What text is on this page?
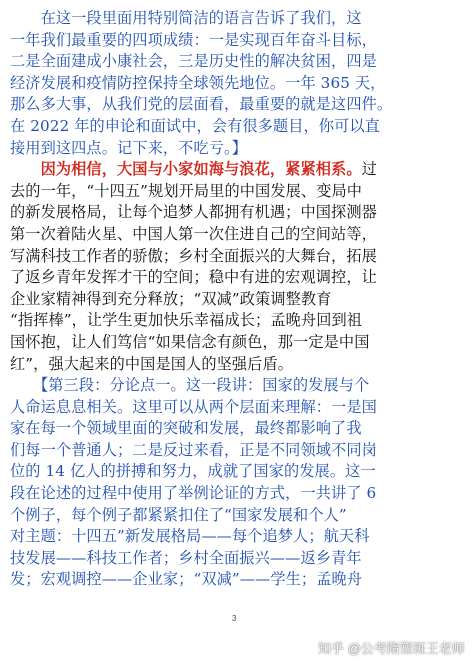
　　在这一段里面用特别简洁的语言告诉了我们，这
一年我们最重要的四项成绩：一是实现百年奋斗目标，
二是全面建成小康社会，三是历史性的解决贫困，四是
经济发展和疫情防控保持全球领先地位。一年 365 天，
那么多大事，从我们党的层面看，最重要的就是这四件。
在 2022 年的申论和面试中，会有很多题目，你可以直
接用到这四点。记下来，不吃亏。】
　　因为相信，大国与小家如海与浪花，紧紧相系。过
去的一年，“十四五”规划开局里的中国发展、变局中
的新发展格局，让每个追梦人都拥有机遇；中国探测器
第一次着陆火星、中国人第一次住进自己的空间站等，
写满科技工作者的骄傲；乡村全面振兴的大舞台，拓展
了返乡青年发挥才干的空间；稳中有进的宏观调控，让
企业家精神得到充分释放；“双减”政策调整教育
“指挥棒”，让学生更加快乐幸福成长；孟晚舟回到祖
国怀抱，让人们笃信“如果信念有颜色，那一定是中国
红”，强大起来的中国是国人的坚强后盾。
　　【第三段：分论点一。这一段讲：国家的发展与个
人命运息息相关。这里可以从两个层面来理解：一是国
家在每一个领域里面的突破和发展，最终都影响了我
们每一个普通人；二是反过来看，正是不同领域不同岗
位的 14 亿人的拼搏和努力，成就了国家的发展。这一
段在论述的过程中使用了举例论证的方式，一共讲了 6
个例子，每个例子都紧紧扣住了“国家发展和个人”
对主题：十四五”新发展格局——每个追梦人；航天科
技发展——科技工作者；乡村全面振兴——返乡青年
发；宏观调控——企业家；“双减”——学生；孟晚舟
3
知乎 @公考隋塑斑王老师
